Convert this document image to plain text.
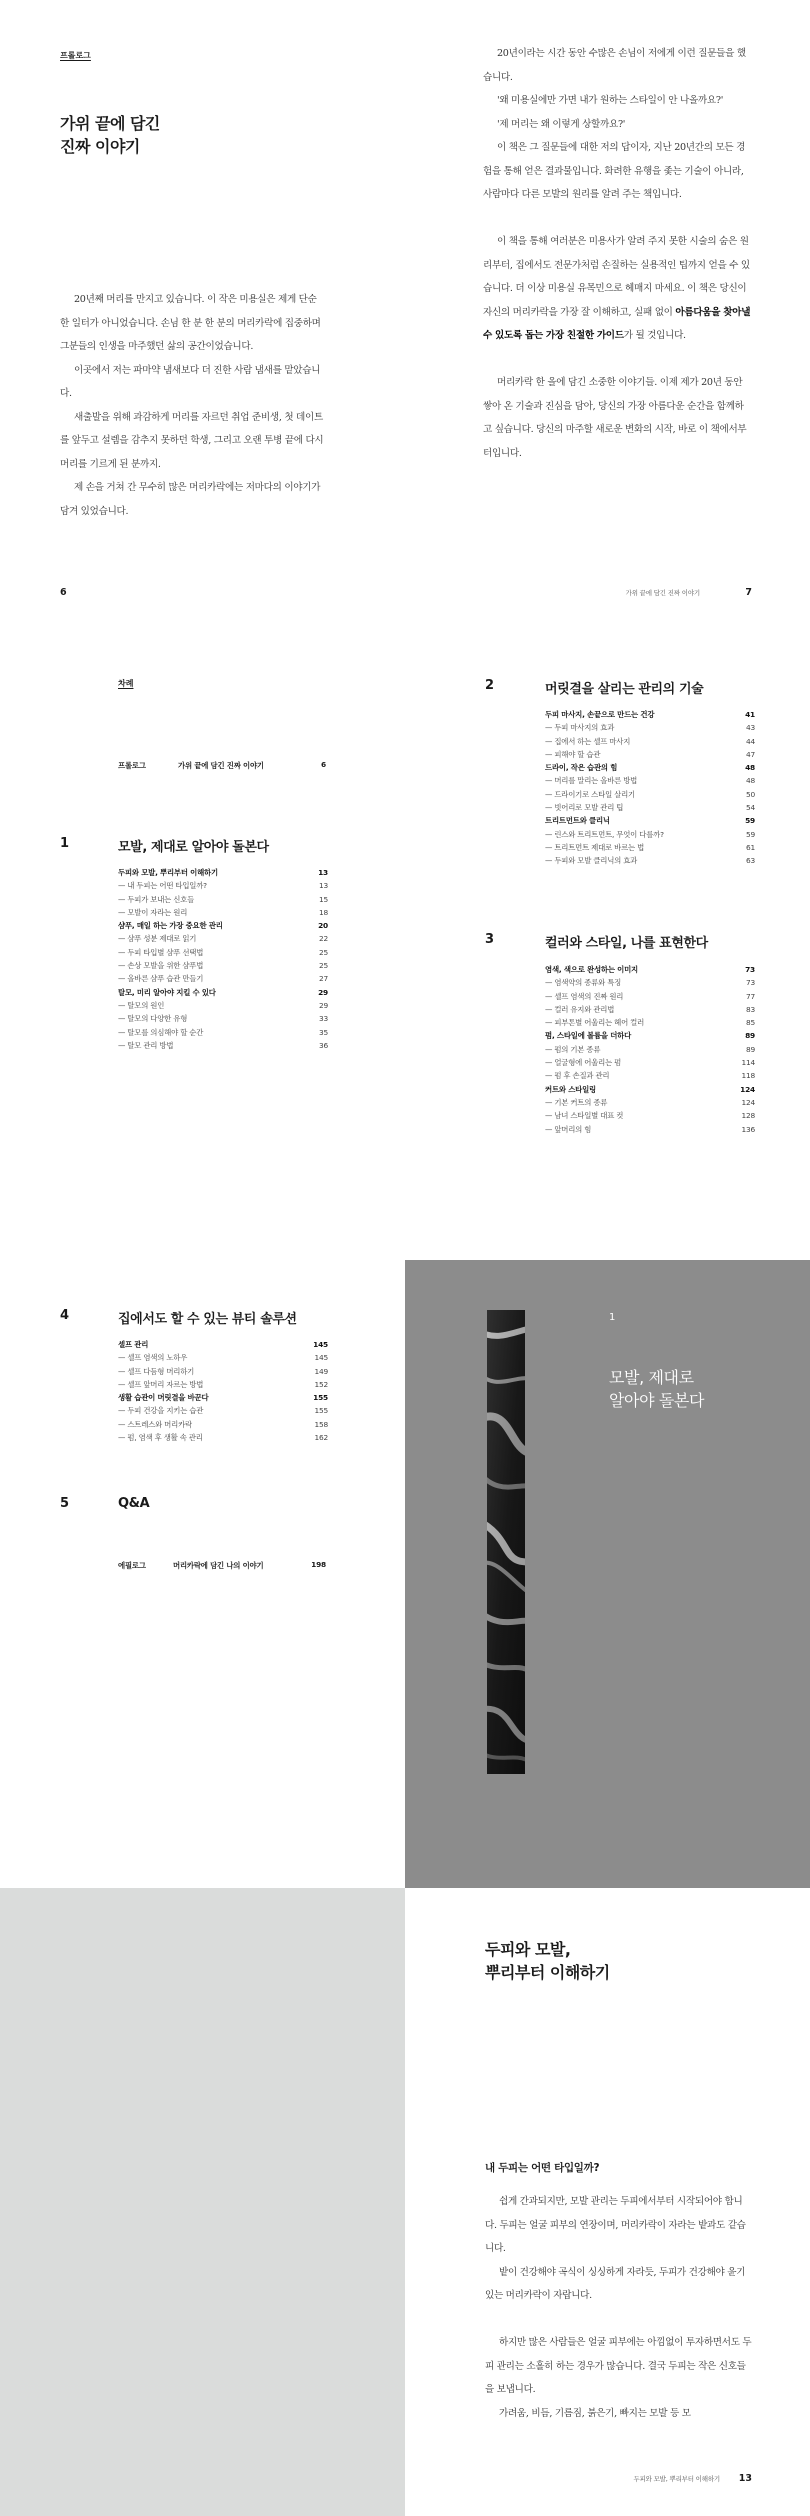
프롤로그
가위 끝에 담긴
진짜 이야기

20년째 머리를 만지고 있습니다. 이 작은 미용실은 제게 단순한 일터가 아니었습니다. 손님 한 분 한 분의 머리카락에 집중하며 그분들의 인생을 마주했던 삶의 공간이었습니다.

이곳에서 저는 파마약 냄새보다 더 진한 사람 냄새를 맡았습니다.

새출발을 위해 과감하게 머리를 자르던 취업 준비생, 첫 데이트를 앞두고 설렘을 감추지 못하던 학생, 그리고 오랜 투병 끝에 다시 머리를 기르게 된 분까지.

제 손을 거쳐 간 무수히 많은 머리카락에는 저마다의 이야기가 담겨 있었습니다.

6

20년이라는 시간 동안 수많은 손님이 저에게 이런 질문들을 했습니다.

'왜 미용실에만 가면 내가 원하는 스타일이 안 나올까요?'

'제 머리는 왜 이렇게 상할까요?'

이 책은 그 질문들에 대한 저의 답이자, 지난 20년간의 모든 경험을 통해 얻은 결과물입니다. 화려한 유행을 좇는 기술이 아니라, 사람마다 다른 모발의 원리를 알려 주는 책입니다.

이 책을 통해 여러분은 미용사가 알려 주지 못한 시술의 숨은 원리부터, 집에서도 전문가처럼 손질하는 실용적인 팁까지 얻을 수 있습니다. 더 이상 미용실 유목민으로 헤매지 마세요. 이 책은 당신이 자신의 머리카락을 가장 잘 이해하고, 실패 없이 아름다움을 찾아낼 수 있도록 돕는 가장 친절한 가이드가 될 것입니다.

머리카락 한 올에 담긴 소중한 이야기들. 이제 제가 20년 동안 쌓아 온 기술과 진심을 담아, 당신의 가장 아름다운 순간을 함께하고 싶습니다. 당신의 마주할 새로운 변화의 시작, 바로 이 책에서부터입니다.

가위 끝에 담긴 진짜 이야기	7
차례
프롤로그	가위 끝에 담긴 진짜 이야기	6
1	모발, 제대로 알아야 돌본다
두피와 모발, 뿌리부터 이해하기	13
— 내 두피는 어떤 타입일까?	13
— 두피가 보내는 신호들	15
— 모발이 자라는 원리	18
샴푸, 매일 하는 가장 중요한 관리	20
— 샴푸 성분 제대로 읽기	22
— 두피 타입별 샴푸 선택법	25
— 손상 모발을 위한 샴푸법	25
— 올바른 샴푸 습관 만들기	27
탈모, 미리 알아야 지킬 수 있다	29
— 탈모의 원인	29
— 탈모의 다양한 유형	33
— 탈모를 의심해야 할 순간	35
— 탈모 관리 방법	36
2	머릿결을 살리는 관리의 기술
두피 마사지, 손끝으로 만드는 건강	41
— 두피 마사지의 효과	43
— 집에서 하는 셀프 마사지	44
— 피해야 할 습관	47
드라이, 작은 습관의 힘	48
— 머리를 말리는 올바른 방법	48
— 드라이기로 스타일 살리기	50
— 빗어리로 모발 관리 팁	54
트리트먼트와 클리닉	59
— 린스와 트리트먼트, 무엇이 다를까?	59
— 트리트먼트 제대로 바르는 법	61
— 두피와 모발 클리닉의 효과	63
3	컬러와 스타일, 나를 표현한다
염색, 색으로 완성하는 이미지	73
— 염색약의 종류와 특징	73
— 셀프 염색의 진짜 원리	77
— 컬러 유지와 관리법	83
— 피부톤별 어울리는 헤어 컬러	85
펌, 스타일에 볼륨을 더하다	89
— 펌의 기본 종류	89
— 얼굴형에 어울리는 펌	114
— 펌 후 손질과 관리	118
커트와 스타일링	124
— 기본 커트의 종류	124
— 남녀 스타일별 대표 컷	128
— 앞머리의 힘	136
4	집에서도 할 수 있는 뷰티 솔루션
셀프 관리	145
— 셀프 염색의 노하우	145
— 셀프 다듬형 머리하기	149
— 셀프 앞머리 자르는 방법	152
생활 습관이 머릿결을 바꾼다	155
— 두피 건강을 지키는 습관	155
— 스트레스와 머리카락	158
— 펌, 염색 후 생활 속 관리	162
5	Q&A
에필로그	머리카락에 담긴 나의 이야기	198
1
모발, 제대로
알아야 돌본다
두피와 모발,
뿌리부터 이해하기
내 두피는 어떤 타입일까?

쉽게 간과되지만, 모발 관리는 두피에서부터 시작되어야 합니다. 두피는 얼굴 피부의 연장이며, 머리카락이 자라는 밭과도 같습니다.

밭이 건강해야 곡식이 싱싱하게 자라듯, 두피가 건강해야 윤기 있는 머리카락이 자랍니다.

하지만 많은 사람들은 얼굴 피부에는 아낌없이 투자하면서도 두피 관리는 소홀히 하는 경우가 많습니다. 결국 두피는 작은 신호들을 보냅니다.

가려움, 비듬, 기름짐, 붉은기, 빠지는 모발 등 모

두피와 모발, 뿌리부터 이해하기 13
